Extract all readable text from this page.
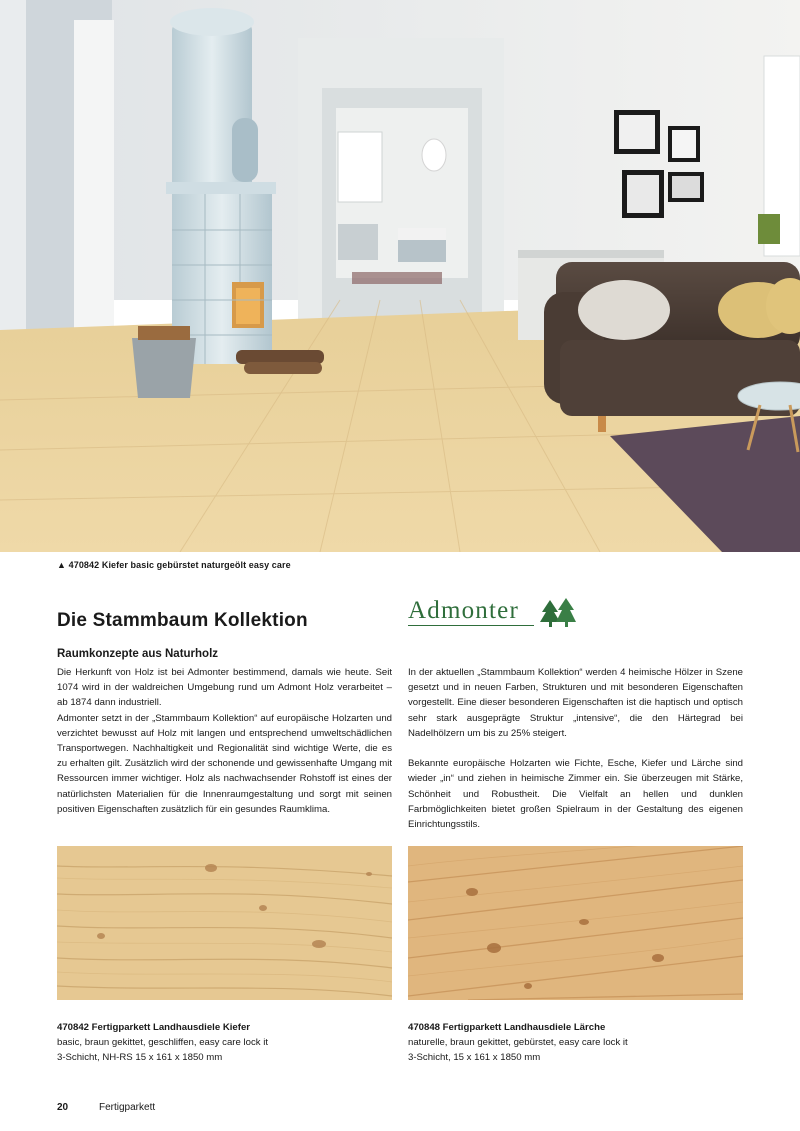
▲ 470842 Kiefer basic gebürstet naturgeölt easy care
Die Stammbaum Kollektion	Admonter
Raumkonzepte aus Naturholz

Die Herkunft von Holz ist bei Admonter bestimmend, damals wie heute. Seit 1074 wird in der waldreichen Umgebung rund um Admont Holz verarbeitet – ab 1874 dann industriell.

Admonter setzt in der „Stammbaum Kollektion“ auf europäische Holzarten und verzichtet bewusst auf Holz mit langen und entsprechend umweltschädlichen Transportwegen. Nachhaltigkeit und Regionalität sind wichtige Werte, die es zu erhalten gilt. Zusätzlich wird der schonende und gewissenhafte Umgang mit Ressourcen immer wichtiger. Holz als nachwachsender Rohstoff ist eines der natürlichsten Materialien für die Innenraumgestaltung und sorgt mit seinen positiven Eigenschaften zusätzlich für ein gesundes Raumklima.

In der aktuellen „Stammbaum Kollektion“ werden 4 heimische Hölzer in Szene gesetzt und in neuen Farben, Strukturen und mit besonderen Eigenschaften vorgestellt. Eine dieser besonderen Eigenschaften ist die haptisch und optisch sehr stark ausgeprägte Struktur „intensive“, die den Härtegrad bei Nadelhölzern um bis zu 25% steigert.

Bekannte europäische Holzarten wie Fichte, Esche, Kiefer und Lärche sind wieder „in“ und ziehen in heimische Zimmer ein. Sie überzeugen mit Stärke, Schönheit und Robustheit. Die Vielfalt an hellen und dunklen Farbmöglichkeiten bietet großen Spielraum in der Gestaltung des eigenen Einrichtungsstils.

470842 Fertigparkett Landhausdiele Kiefer
basic, braun gekittet, geschliffen, easy care lock it
3-Schicht, NH-RS 15 x 161 x 1850 mm
470848 Fertigparkett Landhausdiele Lärche
naturelle, braun gekittet, gebürstet, easy care lock it
3-Schicht, 15 x 161 x 1850 mm
20	Fertigparkett
